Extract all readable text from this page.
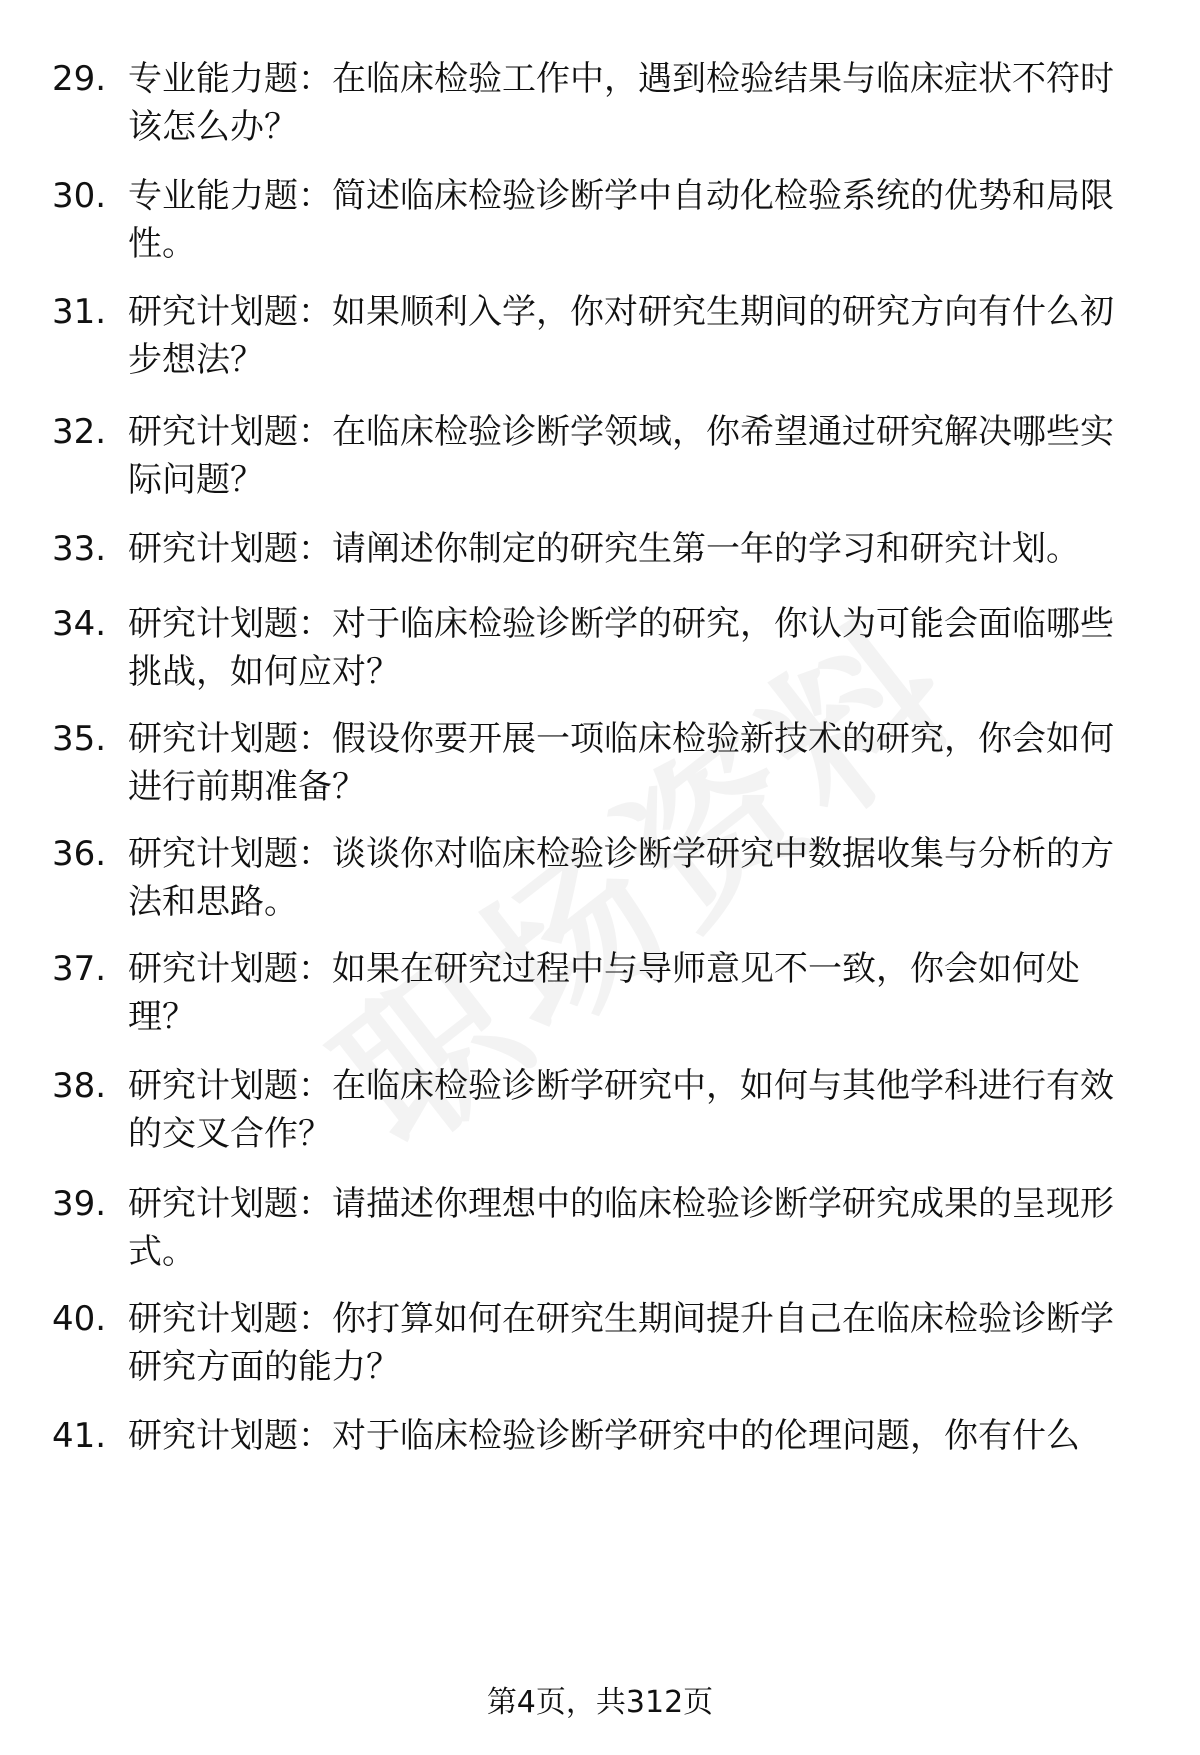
29. 专业能力题：在临床检验工作中，遇到检验结果与临床症状不符时该怎么办？
30. 专业能力题：简述临床检验诊断学中自动化检验系统的优势和局限性。
31. 研究计划题：如果顺利入学，你对研究生期间的研究方向有什么初步想法？
32. 研究计划题：在临床检验诊断学领域，你希望通过研究解决哪些实际问题？
33. 研究计划题：请阐述你制定的研究生第一年的学习和研究计划。
34. 研究计划题：对于临床检验诊断学的研究，你认为可能会面临哪些挑战，如何应对？
35. 研究计划题：假设你要开展一项临床检验新技术的研究，你会如何进行前期准备？
36. 研究计划题：谈谈你对临床检验诊断学研究中数据收集与分析的方法和思路。
37. 研究计划题：如果在研究过程中与导师意见不一致，你会如何处理？
38. 研究计划题：在临床检验诊断学研究中，如何与其他学科进行有效的交叉合作？
39. 研究计划题：请描述你理想中的临床检验诊断学研究成果的呈现形式。
40. 研究计划题：你打算如何在研究生期间提升自己在临床检验诊断学研究方面的能力？
41. 研究计划题：对于临床检验诊断学研究中的伦理问题，你有什么
第4页，共312页
